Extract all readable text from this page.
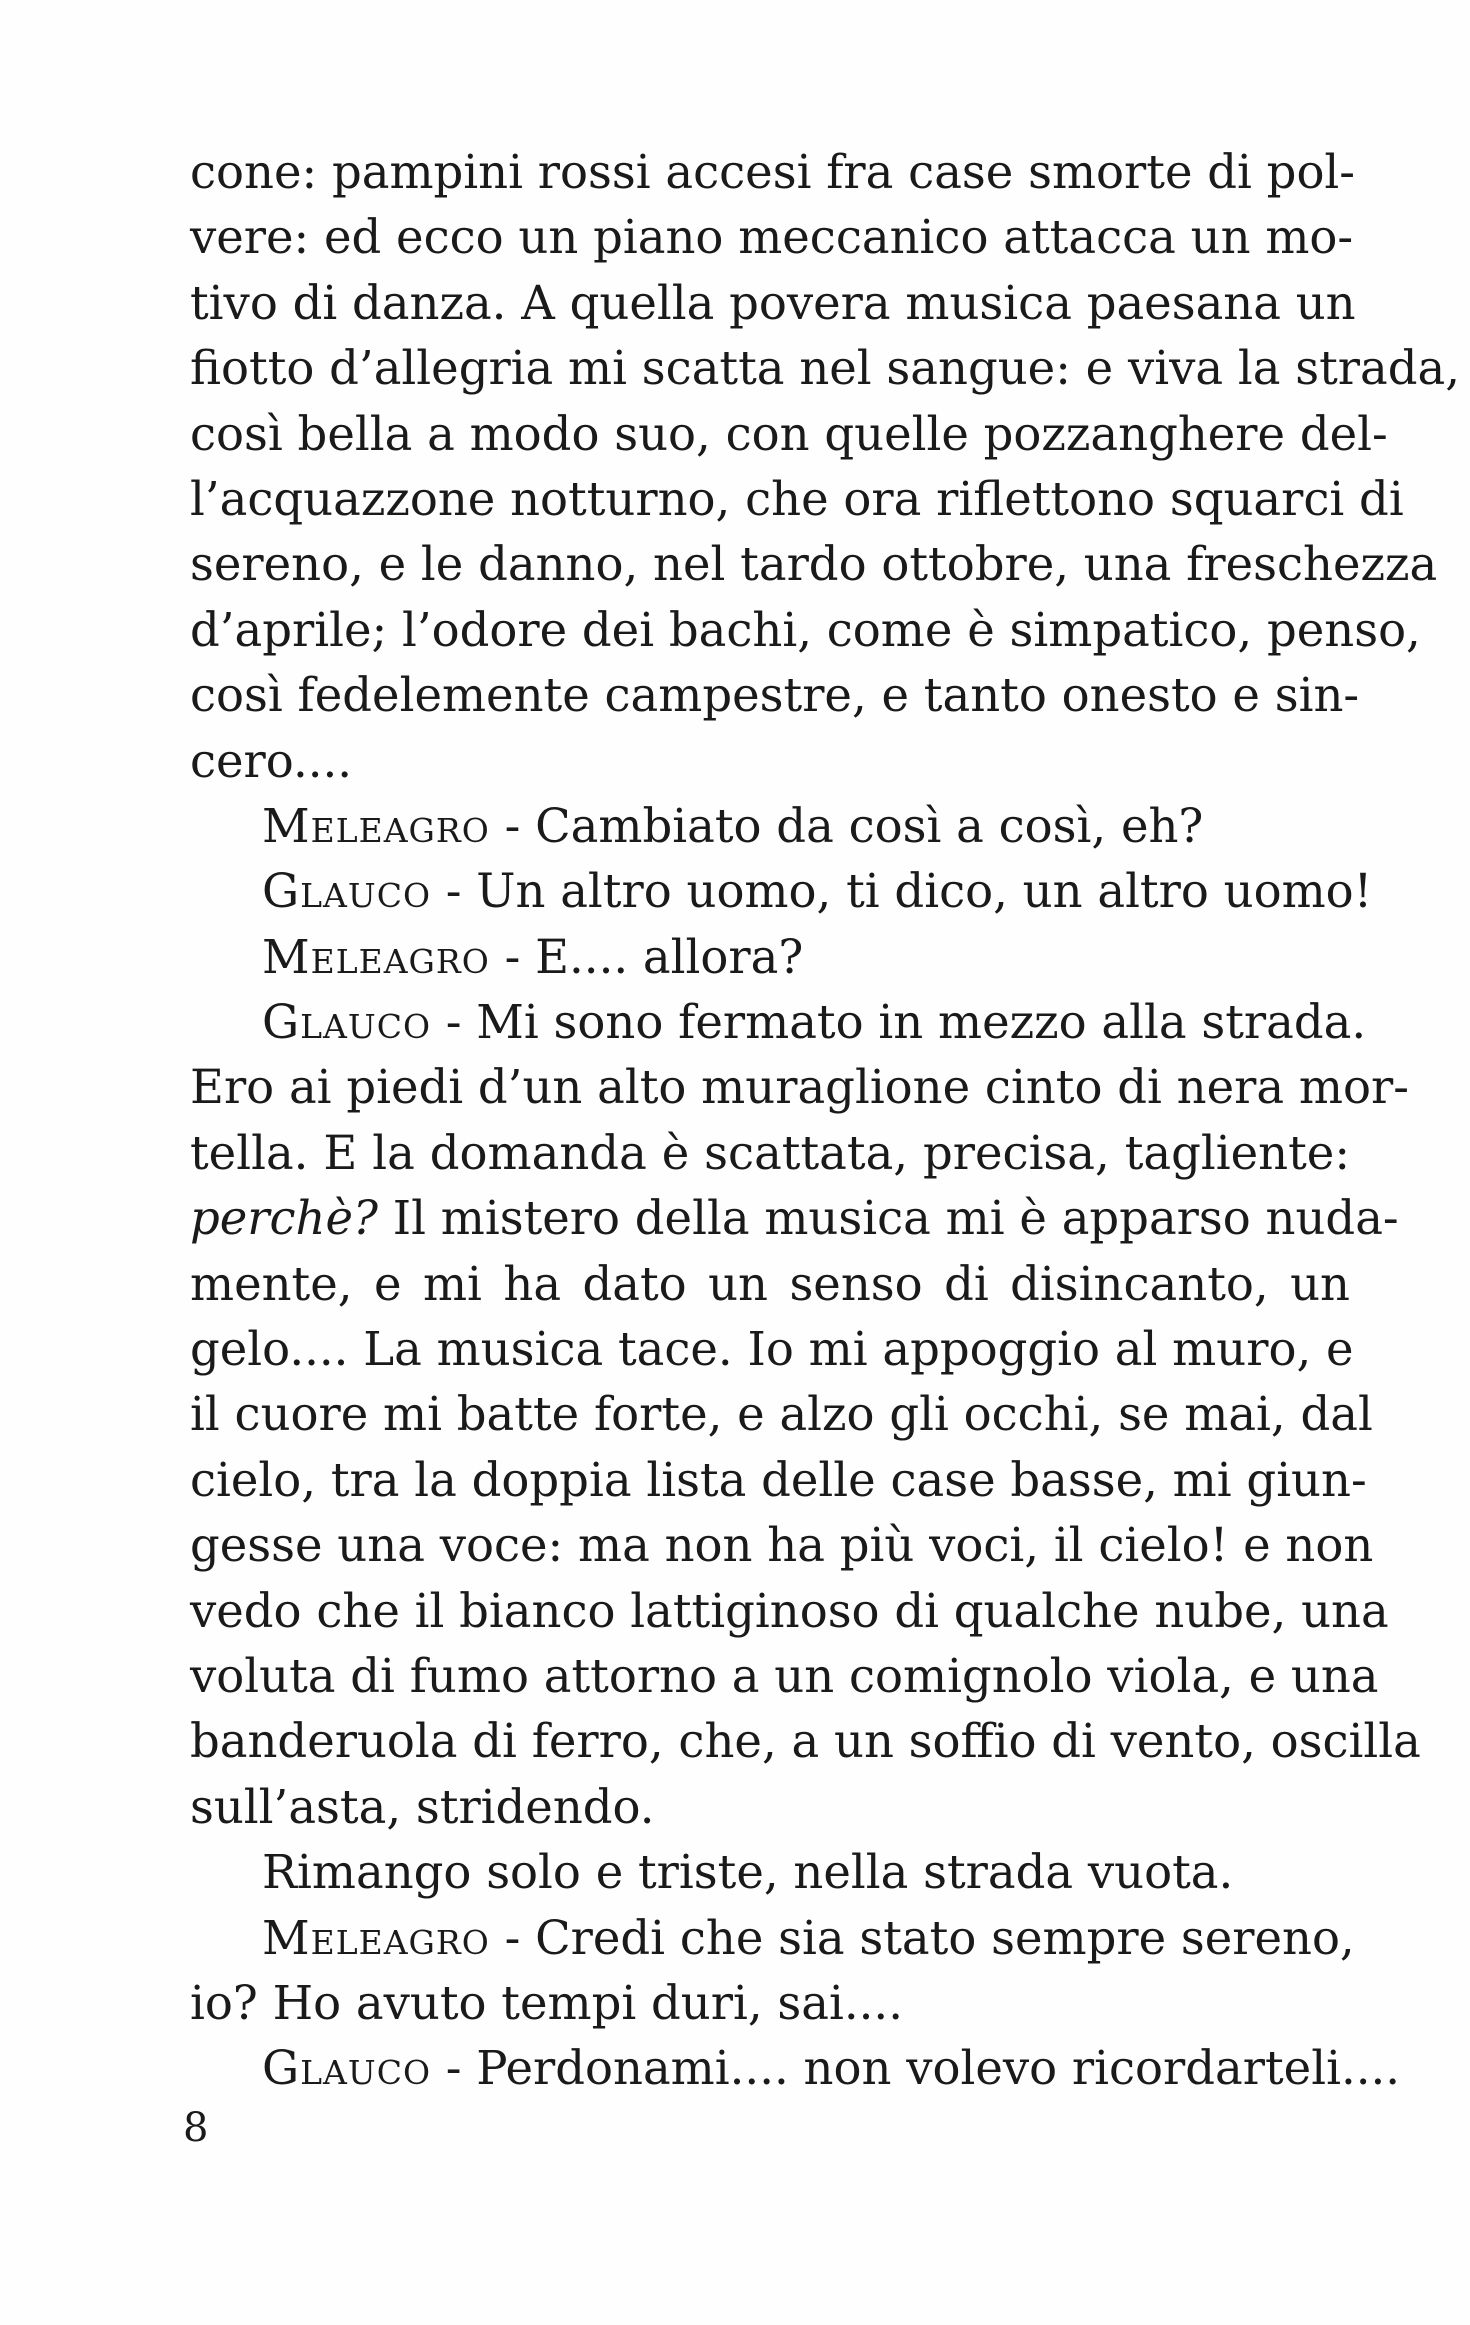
cone: pampini rossi accesi fra case smorte di pol-
vere: ed ecco un piano meccanico attacca un mo-
tivo di danza. A quella povera musica paesana un
fiotto d’allegria mi scatta nel sangue: e viva la strada,
così bella a modo suo, con quelle pozzanghere del-
l’acquazzone notturno, che ora riflettono squarci di
sereno, e le danno, nel tardo ottobre, una freschezza
d’aprile; l’odore dei bachi, come è simpatico, penso,
così fedelemente campestre, e tanto onesto e sin-
cero....
Meleagro - Cambiato da così a così, eh?
Glauco - Un altro uomo, ti dico, un altro uomo!
Meleagro - E.... allora?
Glauco - Mi sono fermato in mezzo alla strada.
Ero ai piedi d’un alto muraglione cinto di nera mor-
tella. E la domanda è scattata, precisa, tagliente:
perchè? Il mistero della musica mi è apparso nuda-
mente, e mi ha dato un senso di disincanto, un
gelo.... La musica tace. Io mi appoggio al muro, e
il cuore mi batte forte, e alzo gli occhi, se mai, dal
cielo, tra la doppia lista delle case basse, mi giun-
gesse una voce: ma non ha più voci, il cielo! e non
vedo che il bianco lattiginoso di qualche nube, una
voluta di fumo attorno a un comignolo viola, e una
banderuola di ferro, che, a un soffio di vento, oscilla
sull’asta, stridendo.
Rimango solo e triste, nella strada vuota.
Meleagro - Credi che sia stato sempre sereno,
io? Ho avuto tempi duri, sai....
Glauco - Perdonami.... non volevo ricordarteli....
8
